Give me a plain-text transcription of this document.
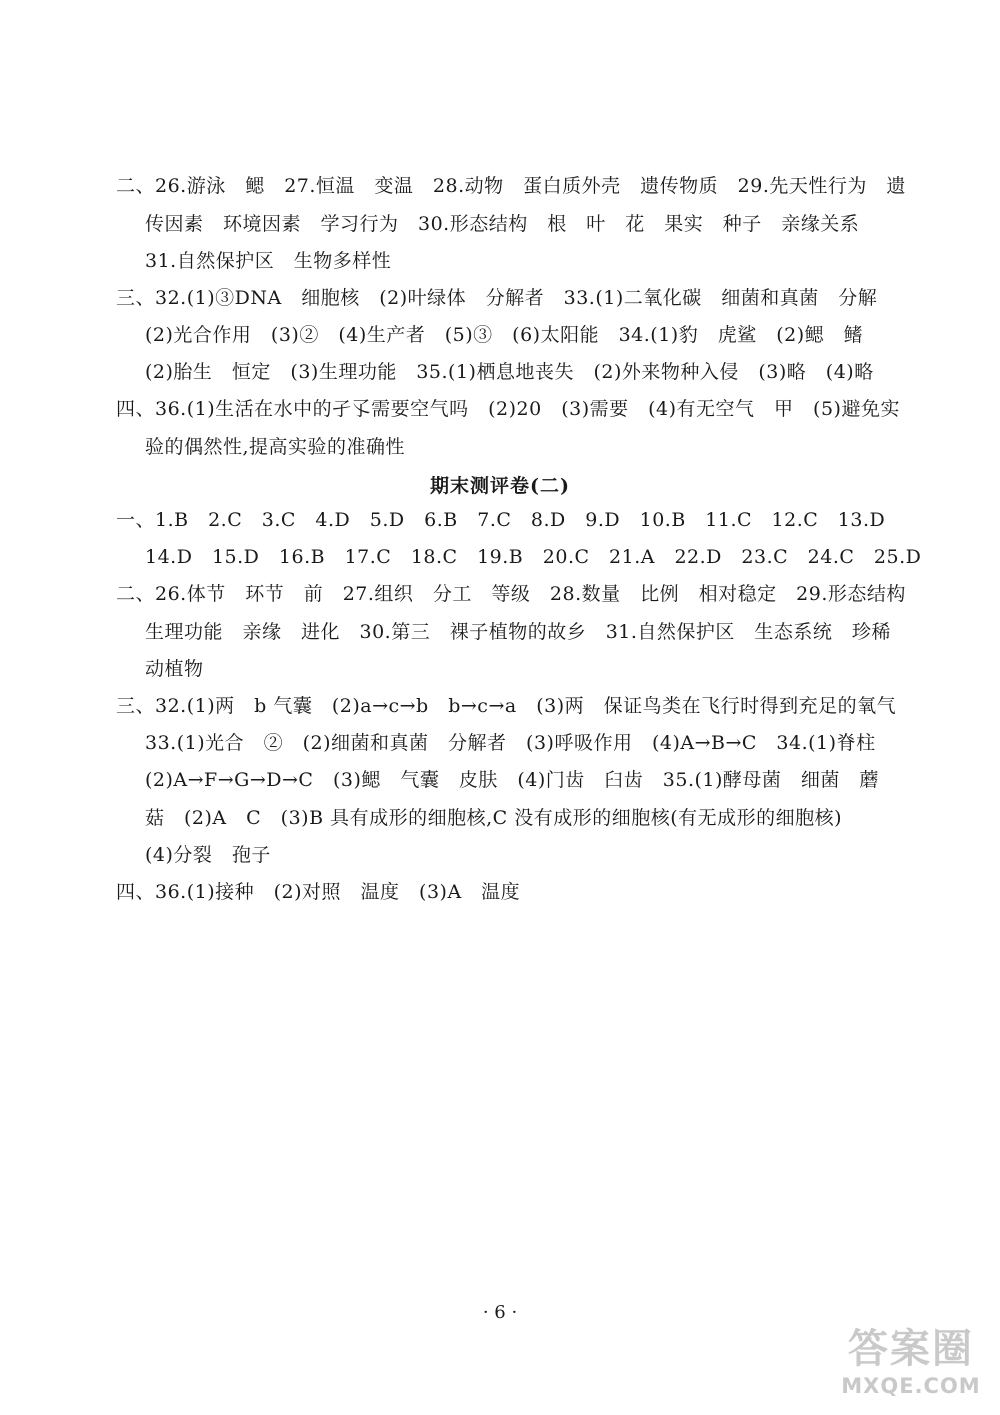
二、26.游泳　鳃　27.恒温　变温　28.动物　蛋白质外壳　遗传物质　29.先天性行为　遗
传因素　环境因素　学习行为　30.形态结构　根　叶　花　果实　种子　亲缘关系
31.自然保护区　生物多样性
三、32.(1)③DNA　细胞核　(2)叶绿体　分解者　33.(1)二氧化碳　细菌和真菌　分解
(2)光合作用　(3)②　(4)生产者　(5)③　(6)太阳能　34.(1)豹　虎鲨　(2)鳃　鳍
(2)胎生　恒定　(3)生理功能　35.(1)栖息地丧失　(2)外来物种入侵　(3)略　(4)略
四、36.(1)生活在水中的孑孓需要空气吗　(2)20　(3)需要　(4)有无空气　甲　(5)避免实
验的偶然性,提高实验的准确性
期末测评卷(二)
一、1.B　2.C　3.C　4.D　5.D　6.B　7.C　8.D　9.D　10.B　11.C　12.C　13.D
14.D　15.D　16.B　17.C　18.C　19.B　20.C　21.A　22.D　23.C　24.C　25.D
二、26.体节　环节　前　27.组织　分工　等级　28.数量　比例　相对稳定　29.形态结构
生理功能　亲缘　进化　30.第三　裸子植物的故乡　31.自然保护区　生态系统　珍稀
动植物
三、32.(1)两　b 气囊　(2)a→c→b　b→c→a　(3)两　保证鸟类在飞行时得到充足的氧气
33.(1)光合　②　(2)细菌和真菌　分解者　(3)呼吸作用　(4)A→B→C　34.(1)脊柱
(2)A→F→G→D→C　(3)鳃　气囊　皮肤　(4)门齿　臼齿　35.(1)酵母菌　细菌　蘑
菇　(2)A　C　(3)B 具有成形的细胞核,C 没有成形的细胞核(有无成形的细胞核)
(4)分裂　孢子
四、36.(1)接种　(2)对照　温度　(3)A　温度
· 6 ·
答案圈
MXQE.COM
